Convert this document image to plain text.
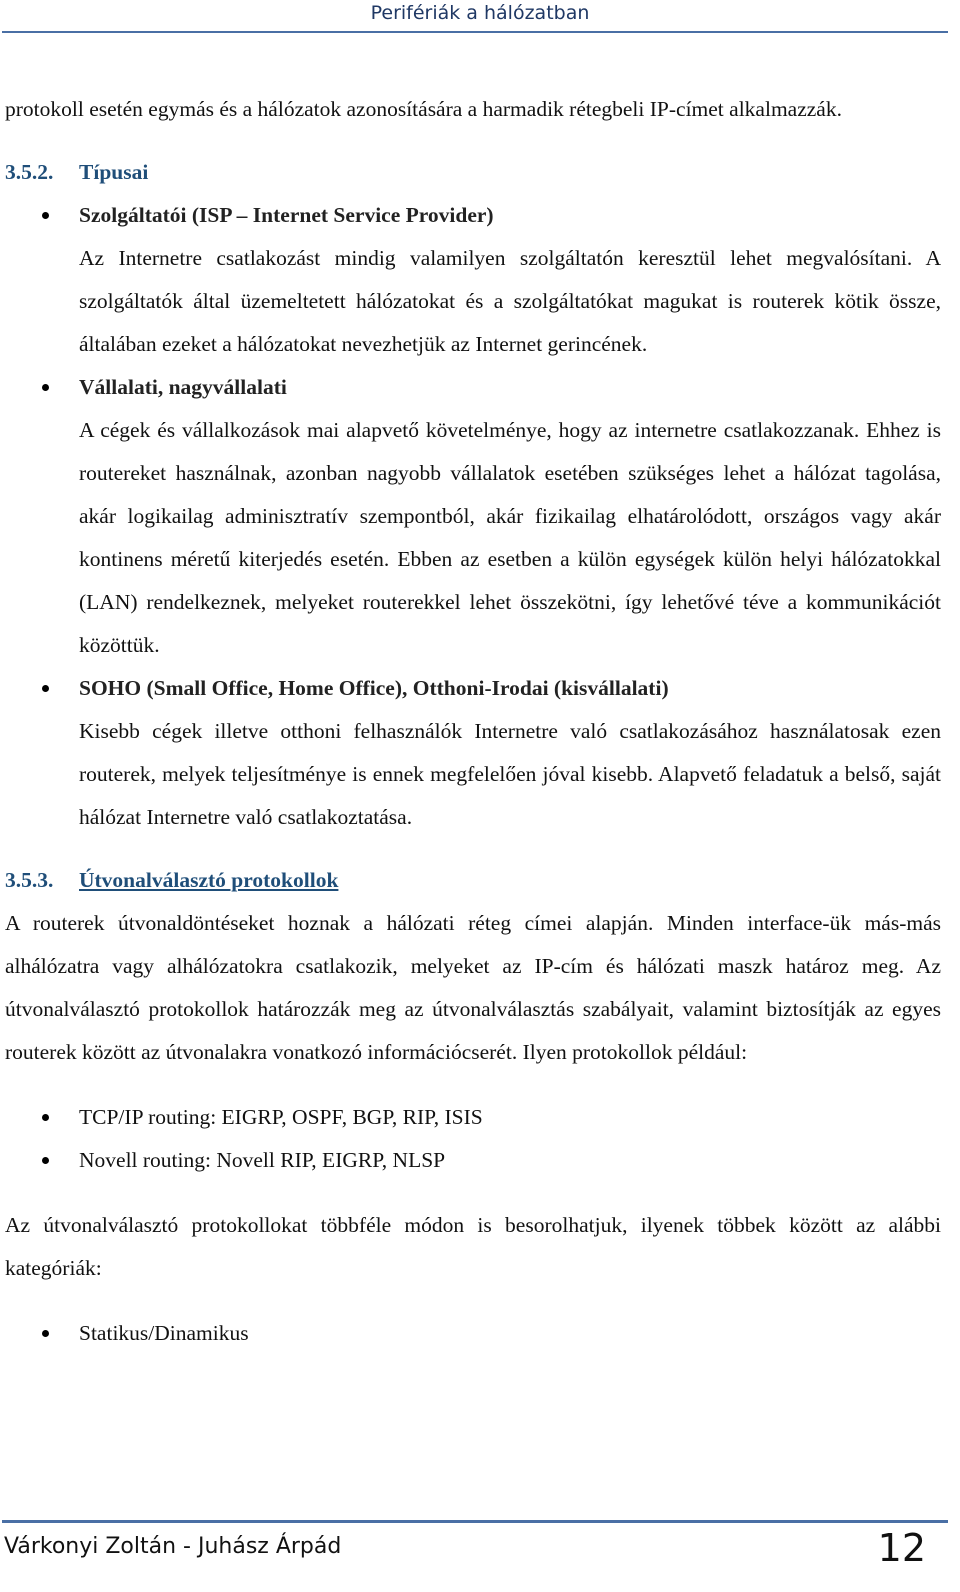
Perifériák a hálózatban

protokoll esetén egymás és a hálózatok azonosítására a harmadik rétegbeli IP-címet alkalmazzák.

3.5.2. Típusai
Szolgáltatói (ISP – Internet Service Provider)
Az Internetre csatlakozást mindig valamilyen szolgáltatón keresztül lehet megvalósítani. A szolgáltatók által üzemeltetett hálózatokat és a szolgáltatókat magukat is routerek kötik össze, általában ezeket a hálózatokat nevezhetjük az Internet gerincének.
Vállalati, nagyvállalati
A cégek és vállalkozások mai alapvető követelménye, hogy az internetre csatlakozzanak. Ehhez is routereket használnak, azonban nagyobb vállalatok esetében szükséges lehet a hálózat tagolása, akár logikailag adminisztratív szempontból, akár fizikailag elhatárolódott, országos vagy akár kontinens méretű kiterjedés esetén. Ebben az esetben a külön egységek külön helyi hálózatokkal (LAN) rendelkeznek, melyeket routerekkel lehet összekötni, így lehetővé téve a kommunikációt közöttük.
SOHO (Small Office, Home Office), Otthoni-Irodai (kisvállalati)
Kisebb cégek illetve otthoni felhasználók Internetre való csatlakozásához használatosak ezen routerek, melyek teljesítménye is ennek megfelelően jóval kisebb. Alapvető feladatuk a belső, saját hálózat Internetre való csatlakoztatása.
3.5.3. Útvonalválasztó protokollok

A routerek útvonaldöntéseket hoznak a hálózati réteg címei alapján. Minden interface-ük más-más alhálózatra vagy alhálózatokra csatlakozik, melyeket az IP-cím és hálózati maszk határoz meg. Az útvonalválasztó protokollok határozzák meg az útvonalválasztás szabályait, valamint biztosítják az egyes routerek között az útvonalakra vonatkozó információcserét. Ilyen protokollok például:

TCP/IP routing: EIGRP, OSPF, BGP, RIP, ISIS
Novell routing: Novell RIP, EIGRP, NLSP

Az útvonalválasztó protokollokat többféle módon is besorolhatjuk, ilyenek többek között az alábbi kategóriák:

Statikus/Dinamikus
Várkonyi Zoltán - Juhász Árpád	12
